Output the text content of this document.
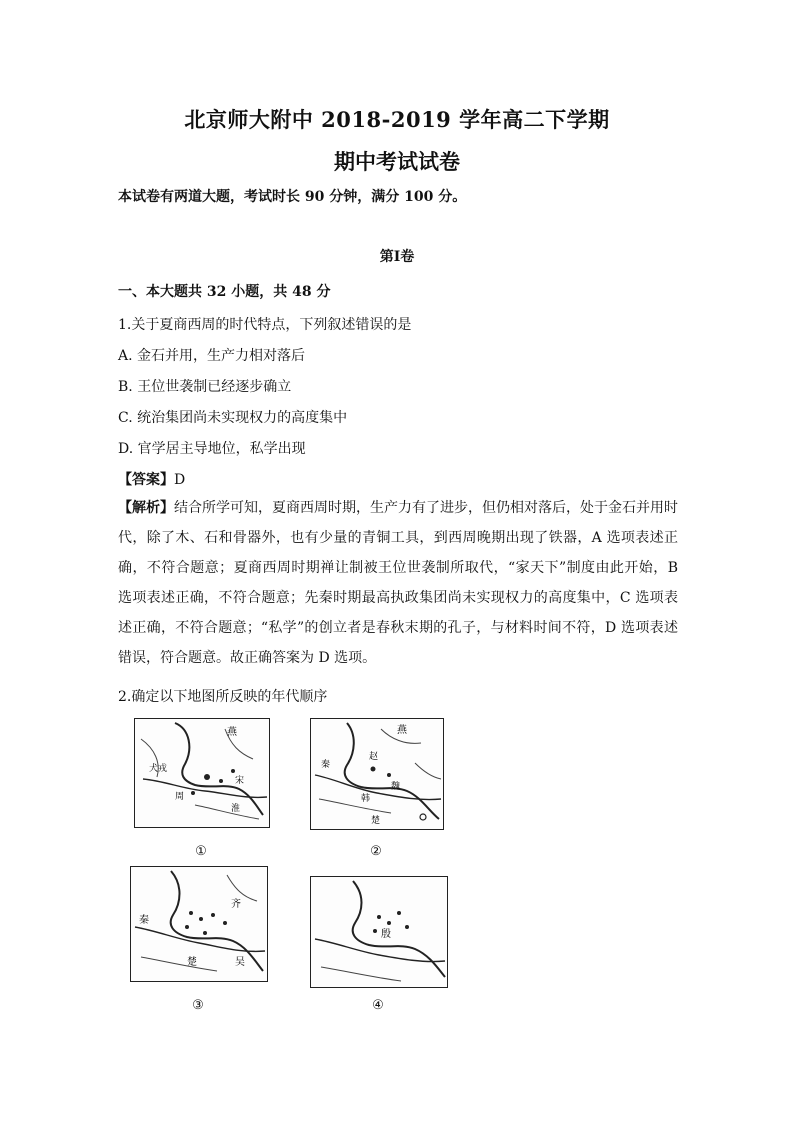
北京师大附中 2018-2019 学年高二下学期
期中考试试卷
本试卷有两道大题，考试时长 90 分钟，满分 100 分。
第Ⅰ卷
一、本大题共 32 小题，共 48 分
1.关于夏商西周的时代特点，下列叙述错误的是
A. 金石并用，生产力相对落后
B. 王位世袭制已经逐步确立
C. 统治集团尚未实现权力的高度集中
D. 官学居主导地位，私学出现
【答案】D
【解析】结合所学可知，夏商西周时期，生产力有了进步，但仍相对落后，处于金石并用时代，除了木、石和骨器外，也有少量的青铜工具，到西周晚期出现了铁器，A 选项表述正确，不符合题意；夏商西周时期禅让制被王位世袭制所取代，“家天下”制度由此开始，B 选项表述正确，不符合题意；先秦时期最高执政集团尚未实现权力的高度集中，C 选项表述正确，不符合题意；“私学”的创立者是春秋末期的孔子，与材料时间不符，D 选项表述错误，符合题意。故正确答案为 D 选项。
2.确定以下地图所反映的年代顺序
燕
犬戎
宋
周
淮
①
燕
赵
秦
魏
韩
楚
②
齐
秦
楚	吴
③
殷
④
